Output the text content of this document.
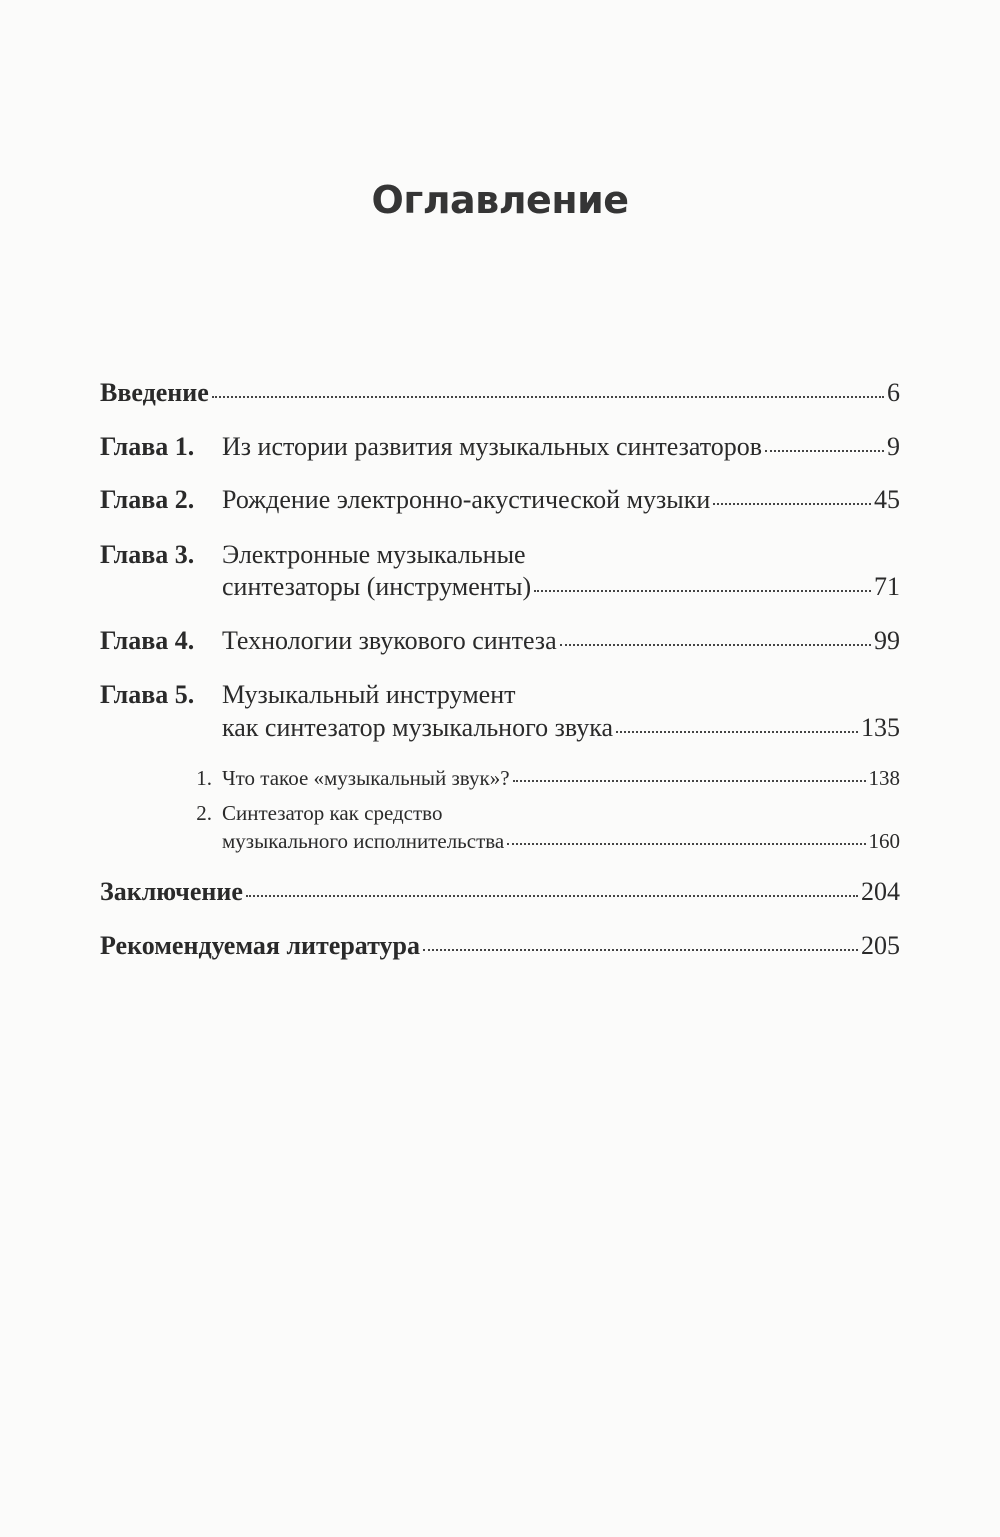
Оглавление
Введение	6
Глава 1.	Из истории развития музыкальных синтезаторов	9
Глава 2.	Рождение электронно-акустической музыки	45
Глава 3.	Электронные музыкальные
синтезаторы (инструменты)	71
Глава 4.	Технологии звукового синтеза	99
Глава 5.	Музыкальный инструмент
как синтезатор музыкального звука	135
1. Что такое «музыкальный звук»?	138
2. Синтезатор как средство
музыкального исполнительства	160
Заключение	204
Рекомендуемая литература	205
